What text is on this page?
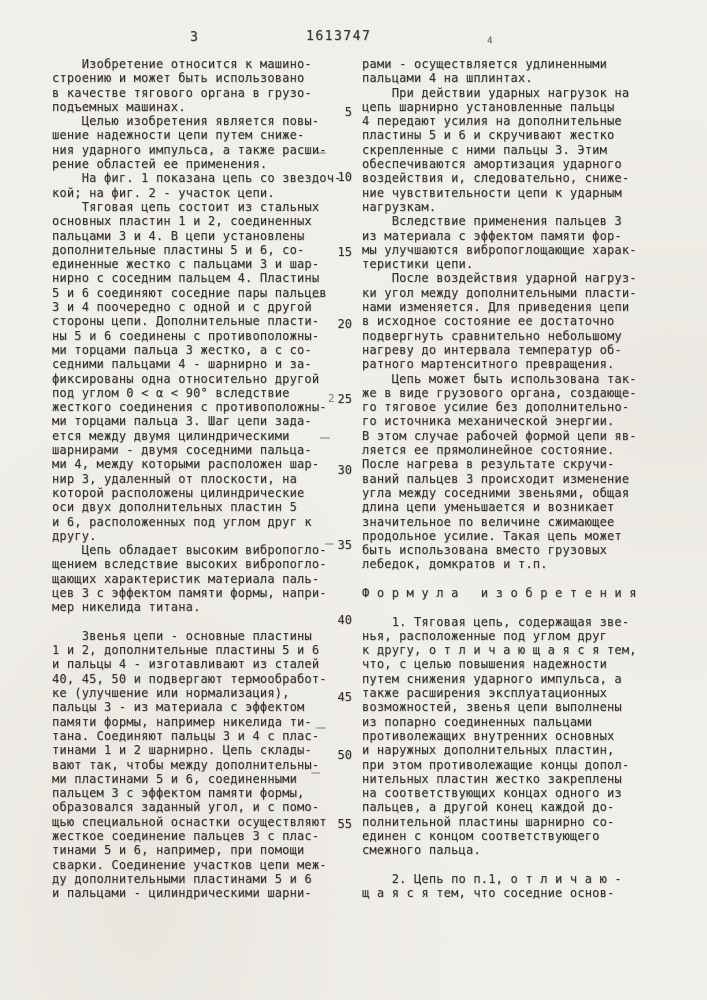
3	1613747	4
Изобретение относится к машино-
строению и может быть использовано
в качестве тягового органа в грузо-
подъемных машинах.
Целью изобретения является повы-
шение надежности цепи путем сниже-
ния ударного импульса, а также расши-
рение областей ее применения.
На фиг. 1 показана цепь со звездоч-
кой; на фиг. 2 - участок цепи.
Тяговая цепь состоит из стальных
основных пластин 1 и 2, соединенных
пальцами 3 и 4. В цепи установлены
дополнительные пластины 5 и 6, со-
единенные жестко с пальцами 3 и шар-
нирно с соседним пальцем 4. Пластины
5 и 6 соединяют соседние пары пальцев
3 и 4 поочередно с одной и с другой
стороны цепи. Дополнительные пласти-
ны 5 и 6 соединены с противоположны-
ми торцами пальца 3 жестко, а с со-
седними пальцами 4 - шарнирно и за-
фиксированы одна относительно другой
под углом 0 < α < 90° вследствие
жесткого соединения с противоположны-
ми торцами пальца 3. Шаг цепи зада-
ется между двумя цилиндрическими
шарнирами - двумя соседними пальца-
ми 4, между которыми расположен шар-
нир 3, удаленный от плоскости, на
которой расположены цилиндрические
оси двух дополнительных пластин 5
и 6, расположенных под углом друг к
другу.
Цепь обладает высоким вибропогло-
щением вследствие высоких вибропогло-
щающих характеристик материала паль-
цев 3 с эффектом памяти формы, напри-
мер никелида титана.
Звенья цепи - основные пластины
1 и 2, дополнительные пластины 5 и 6
и пальцы 4 - изготавливают из сталей
40, 45, 50 и подвергают термообработ-
ке (улучшение или нормализация),
пальцы 3 - из материала с эффектом
памяти формы, например никелида ти-
тана. Соединяют пальцы 3 и 4 с плас-
тинами 1 и 2 шарнирно. Цепь склады-
вают так, чтобы между дополнительны-
ми пластинами 5 и 6, соединенными
пальцем 3 с эффектом памяти формы,
образовался заданный угол, и с помо-
щью специальной оснастки осуществляют
жесткое соединение пальцев 3 с плас-
тинами 5 и 6, например, при помощи
сварки. Соединение участков цепи меж-
ду дополнительными пластинами 5 и 6
и пальцами - цилиндрическими шарни-
5
10
15
20
25
30
35
40
45
50
55
рами - осуществляется удлиненными
пальцами 4 на шплинтах.
При действии ударных нагрузок на
цепь шарнирно установленные пальцы
4 передают усилия на дополнительные
пластины 5 и 6 и скручивают жестко
скрепленные с ними пальцы 3. Этим
обеспечиваются амортизация ударного
воздействия и, следовательно, сниже-
ние чувствительности цепи к ударным
нагрузкам.
Вследствие применения пальцев 3
из материала с эффектом памяти фор-
мы улучшаются вибропоглощающие харак-
теристики цепи.
После воздействия ударной нагруз-
ки угол между дополнительными пласти-
нами изменяется. Для приведения цепи
в исходное состояние ее достаточно
подвергнуть сравнительно небольшому
нагреву до интервала температур об-
ратного мартенситного превращения.
Цепь может быть использована так-
же в виде грузового органа, создающе-
го тяговое усилие без дополнительно-
го источника механической энергии.
В этом случае рабочей формой цепи яв-
ляется ее прямолинейное состояние.
После нагрева в результате скручи-
ваний пальцев 3 происходит изменение
угла между соседними звеньями, общая
длина цепи уменьшается и возникает
значительное по величине сжимающее
продольное усилие. Такая цепь может
быть использована вместо грузовых
лебедок, домкратов и т.п.
Ф о р м у л а   и з о б р е т е н и я
1. Тяговая цепь, содержащая зве-
нья, расположенные под углом друг
к другу, о т л и ч а ю щ а я с я тем,
что, с целью повышения надежности
путем снижения ударного импульса, а
также расширения эксплуатационных
возможностей, звенья цепи выполнены
из попарно соединенных пальцами
противолежащих внутренних основных
и наружных дополнительных пластин,
при этом противолежащие концы допол-
нительных пластин жестко закреплены
на соответствующих концах одного из
пальцев, а другой конец каждой до-
полнительной пластины шарнирно со-
единен с концом соответствующего
смежного пальца.
2. Цепь по п.1, о т л и ч а ю -
щ а я с я тем, что соседние основ-
2
